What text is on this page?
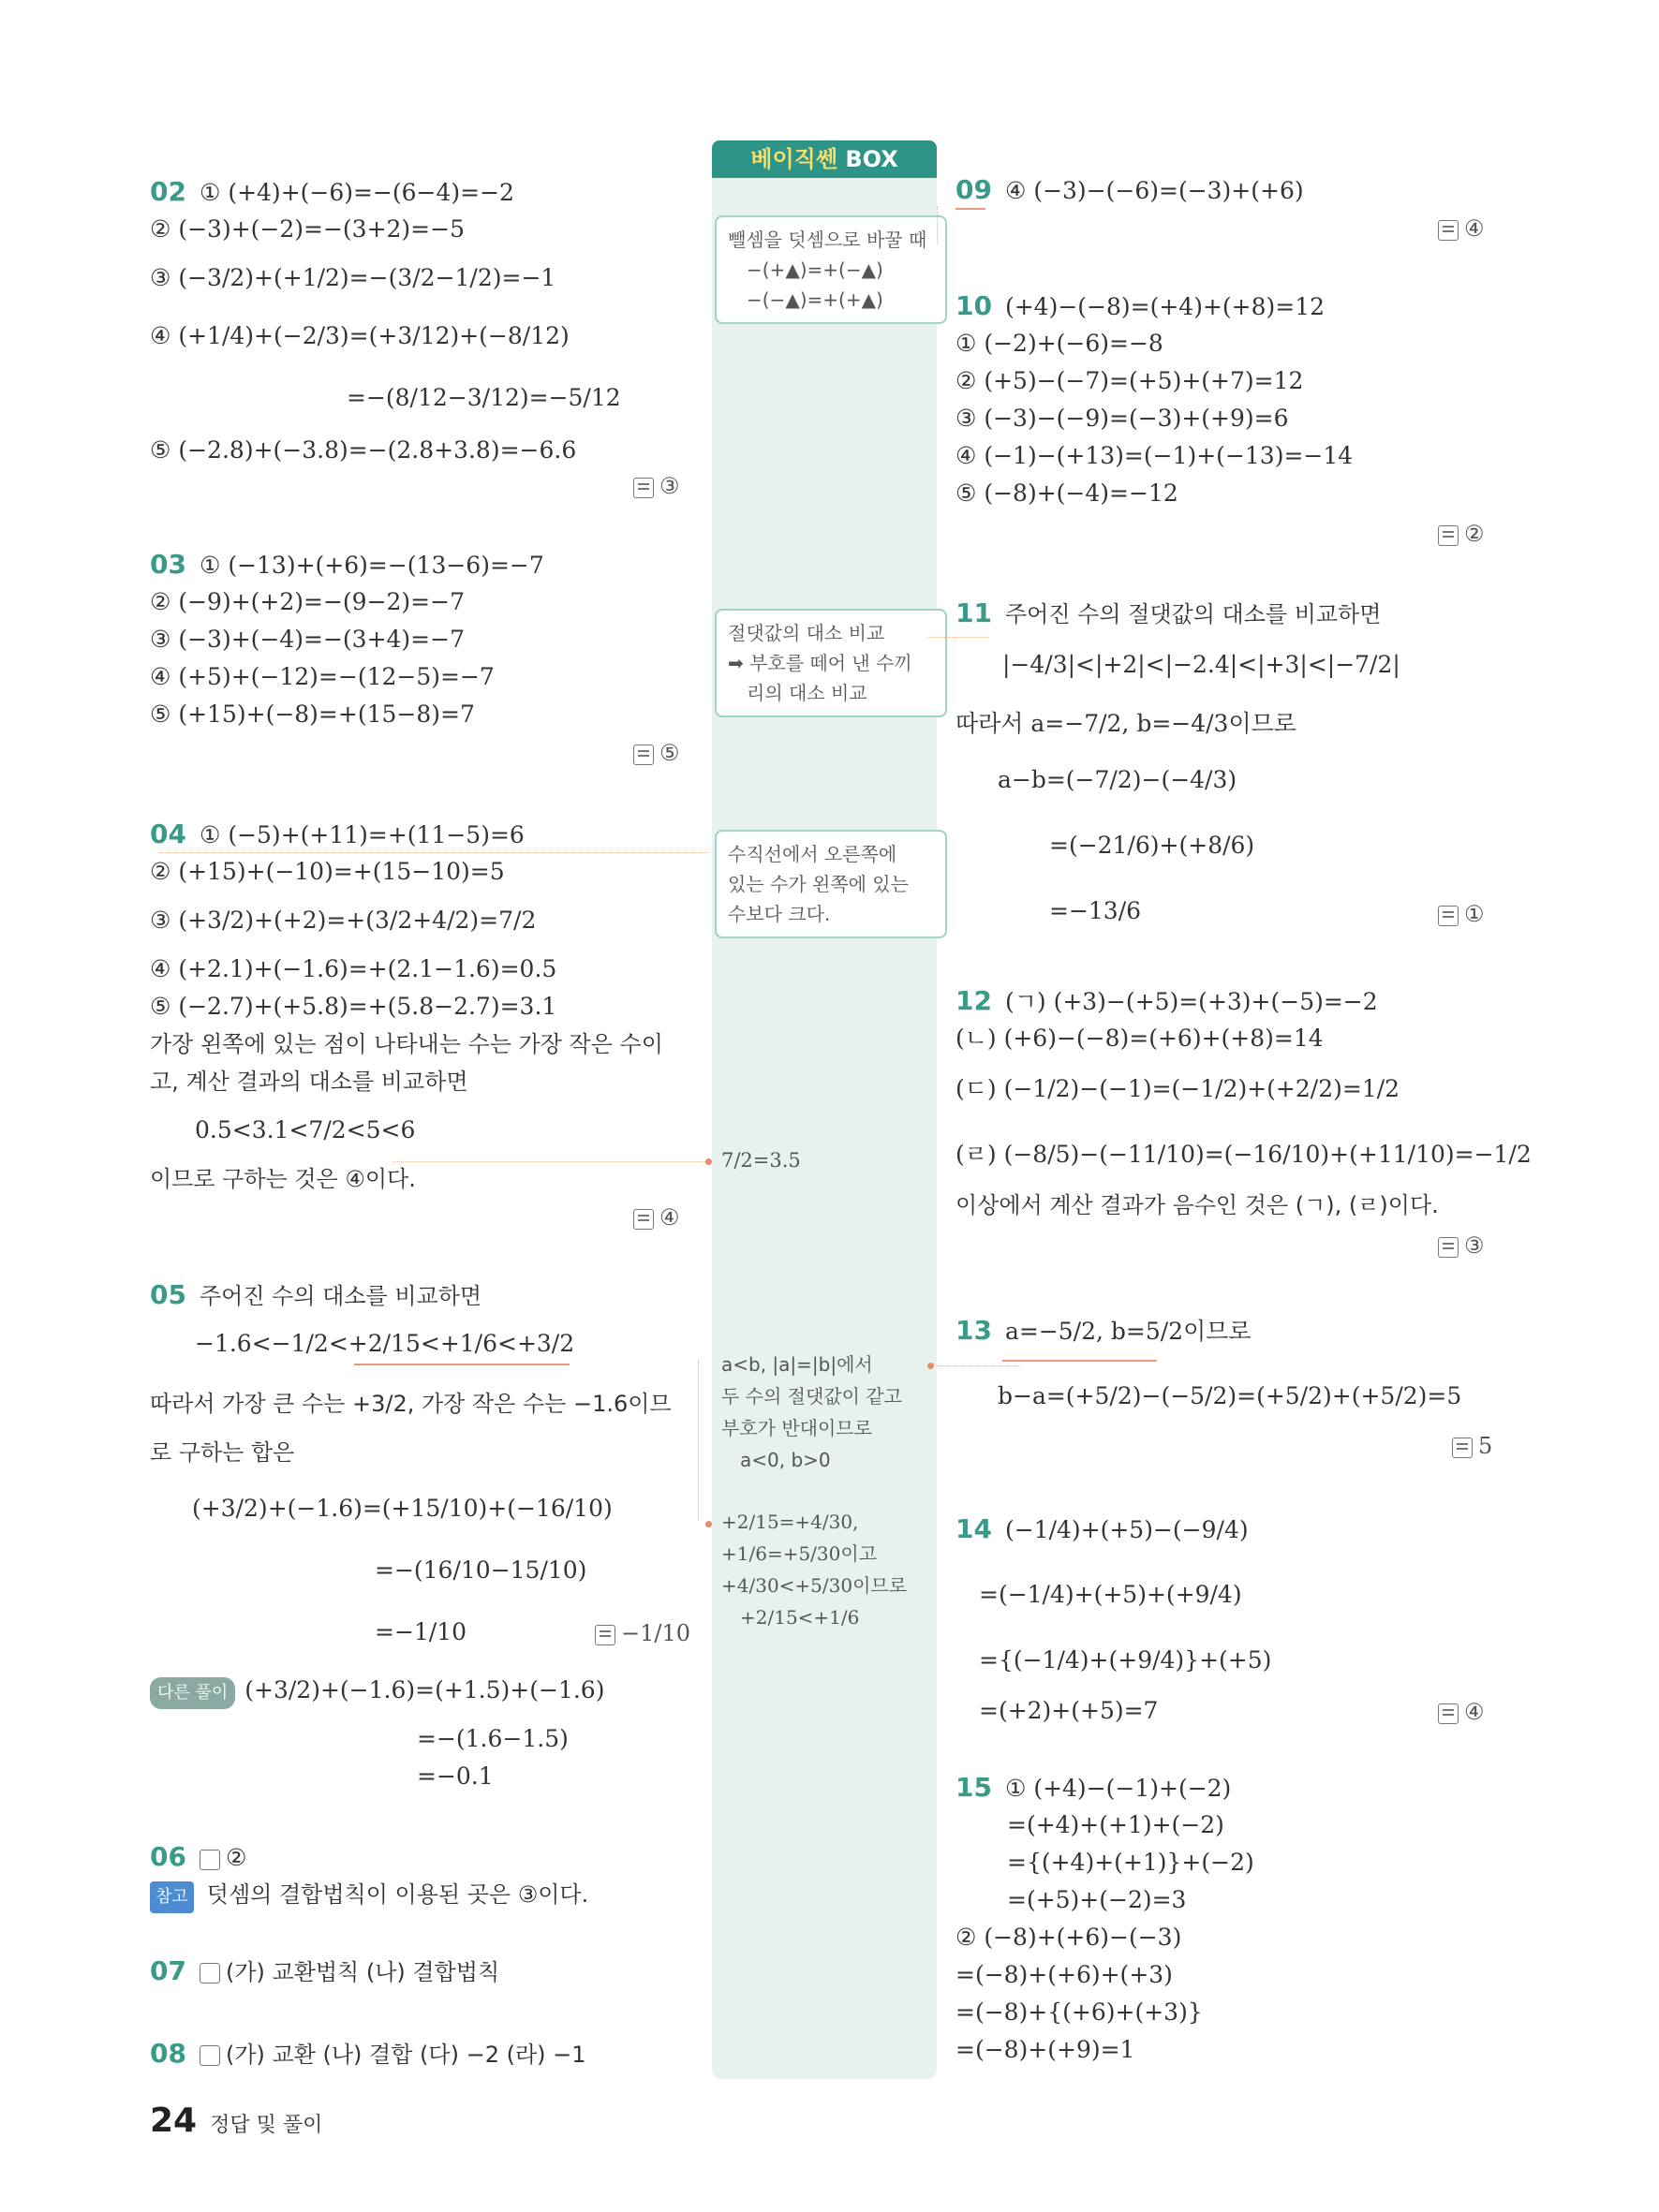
베이직쎈 BOX
02 ① (+4)+(−6)=−(6−4)=−2
② (−3)+(−2)=−(3+2)=−5
③ (−3/2)+(+1/2)=−(3/2−1/2)=−1
④ (+1/4)+(−2/3)=(+3/12)+(−8/12)
=−(8/12−3/12)=−5/12
⑤ (−2.8)+(−3.8)=−(2.8+3.8)=−6.6
③
03 ① (−13)+(+6)=−(13−6)=−7
② (−9)+(+2)=−(9−2)=−7
③ (−3)+(−4)=−(3+4)=−7
④ (+5)+(−12)=−(12−5)=−7
⑤ (+15)+(−8)=+(15−8)=7
⑤
04 ① (−5)+(+11)=+(11−5)=6
② (+15)+(−10)=+(15−10)=5
③ (+3/2)+(+2)=+(3/2+4/2)=7/2
④ (+2.1)+(−1.6)=+(2.1−1.6)=0.5
⑤ (−2.7)+(+5.8)=+(5.8−2.7)=3.1
가장 왼쪽에 있는 점이 나타내는 수는 가장 작은 수이
고, 계산 결과의 대소를 비교하면
0.5<3.1<7/2<5<6
이므로 구하는 것은 ④이다.
④
05 주어진 수의 대소를 비교하면
−1.6<−1/2<+2/15<+1/6<+3/2
따라서 가장 큰 수는 +3/2, 가장 작은 수는 −1.6이므
로 구하는 합은
(+3/2)+(−1.6)=(+15/10)+(−16/10)
=−(16/10−15/10)
=−1/10	−1/10
다른 풀이 (+3/2)+(−1.6)=(+1.5)+(−1.6)
=−(1.6−1.5)
=−0.1
06 ②
참고 덧셈의 결합법칙이 이용된 곳은 ③이다.
07 (가) 교환법칙 (나) 결합법칙
08 (가) 교환 (나) 결합 (다) −2 (라) −1
뺄셈을 덧셈으로 바꿀 때
−(+▲)=+(−▲)
−(−▲)=+(+▲)
절댓값의 대소 비교
➡ 부호를 떼어 낸 수끼
리의 대소 비교
수직선에서 오른쪽에
있는 수가 왼쪽에 있는
수보다 크다.
7/2=3.5
a<b, |a|=|b|에서
두 수의 절댓값이 같고
부호가 반대이므로
a<0, b>0
+2/15=+4/30,
+1/6=+5/30이고
+4/30<+5/30이므로
+2/15<+1/6
09 ④ (−3)−(−6)=(−3)+(+6)
④
10 (+4)−(−8)=(+4)+(+8)=12
① (−2)+(−6)=−8
② (+5)−(−7)=(+5)+(+7)=12
③ (−3)−(−9)=(−3)+(+9)=6
④ (−1)−(+13)=(−1)+(−13)=−14
⑤ (−8)+(−4)=−12
②
11 주어진 수의 절댓값의 대소를 비교하면
|−4/3|<|+2|<|−2.4|<|+3|<|−7/2|
따라서 a=−7/2, b=−4/3이므로
a−b=(−7/2)−(−4/3)
=(−21/6)+(+8/6)
=−13/6	①
12 (ㄱ) (+3)−(+5)=(+3)+(−5)=−2
(ㄴ) (+6)−(−8)=(+6)+(+8)=14
(ㄷ) (−1/2)−(−1)=(−1/2)+(+2/2)=1/2
(ㄹ) (−8/5)−(−11/10)=(−16/10)+(+11/10)=−1/2
이상에서 계산 결과가 음수인 것은 (ㄱ), (ㄹ)이다.
③
13 a=−5/2, b=5/2이므로
b−a=(+5/2)−(−5/2)=(+5/2)+(+5/2)=5
5
14 (−1/4)+(+5)−(−9/4)
=(−1/4)+(+5)+(+9/4)
={(−1/4)+(+9/4)}+(+5)
=(+2)+(+5)=7	④
15 ① (+4)−(−1)+(−2)
=(+4)+(+1)+(−2)
={(+4)+(+1)}+(−2)
=(+5)+(−2)=3
② (−8)+(+6)−(−3)
=(−8)+(+6)+(+3)
=(−8)+{(+6)+(+3)}
=(−8)+(+9)=1
24 정답 및 풀이
